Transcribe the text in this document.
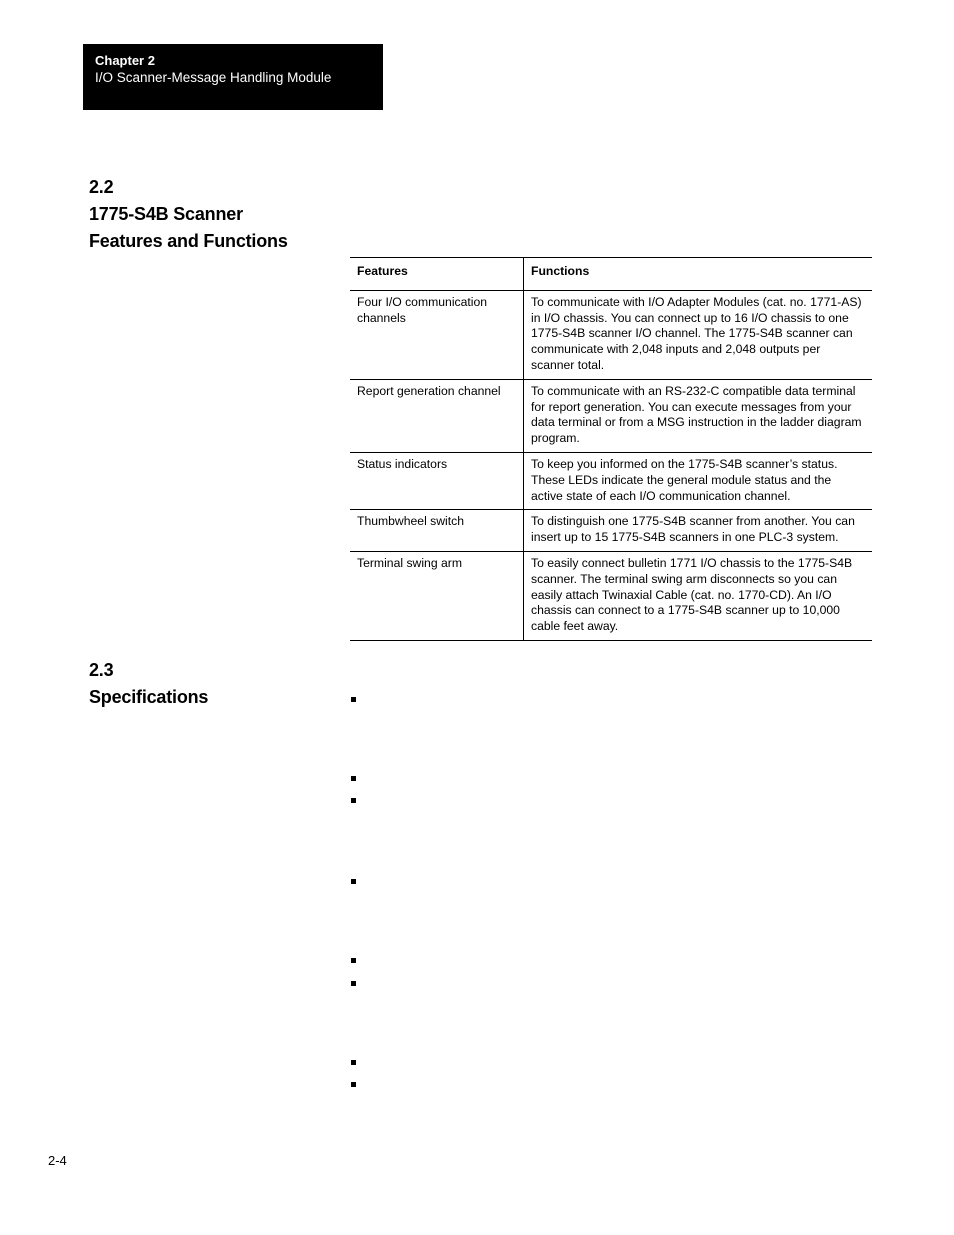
Chapter 2
I/O Scanner-Message Handling Module
2.2
1775-S4B Scanner
Features and Functions
Features	Functions
Four I/O communication channels	To communicate with I/O Adapter Modules (cat. no. 1771-AS) in I/O chassis. You can connect up to 16 I/O chassis to one 1775-S4B scanner I/O channel. The 1775-S4B scanner can communicate with 2,048 inputs and 2,048 outputs per scanner total.
Report generation channel	To communicate with an RS-232-C compatible data terminal for report generation. You can execute messages from your data terminal or from a MSG instruction in the ladder diagram program.
Status indicators	To keep you informed on the 1775-S4B scanner’s status. These LEDs indicate the general module status and the active state of each I/O communication channel.
Thumbwheel switch	To distinguish one 1775-S4B scanner from another. You can insert up to 15 1775-S4B scanners in one PLC-3 system.
Terminal swing arm	To easily connect bulletin 1771 I/O chassis to the 1775-S4B scanner. The terminal swing arm disconnects so you can easily attach Twinaxial Cable (cat. no. 1770-CD). An I/O chassis can connect to a 1775-S4B scanner up to 10,000 cable feet away.
2.3
Specifications
2-4
